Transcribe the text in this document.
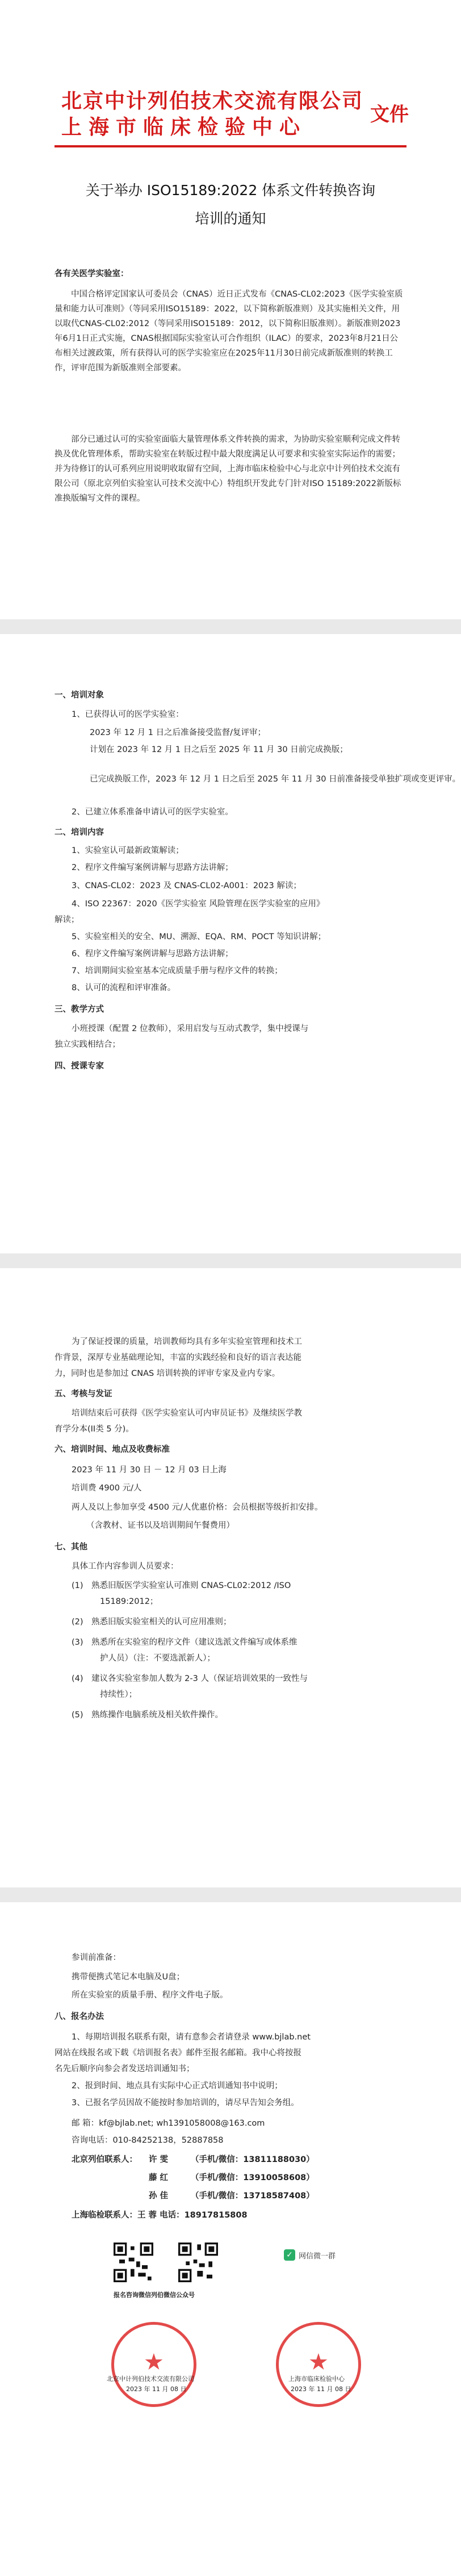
北京中计列伯技术交流有限公司
上海市临床检验中心
文件
关于举办 ISO15189:2022 体系文件转换咨询
培训的通知
各有关医学实验室：

中国合格评定国家认可委员会（CNAS）近日正式发布《CNAS-CL02:2023《医学实验室质量和能力认可准则》（等同采用ISO15189：2022，以下简称新版准则）及其实施相关文件，用以取代CNAS-CL02:2012（等同采用ISO15189：2012，以下简称旧版准则）。新版准则2023年6月1日正式实施，CNAS根据国际实验室认可合作组织（ILAC）的要求，2023年8月21日公布相关过渡政策，所有获得认可的医学实验室应在2025年11月30日前完成新版准则的转换工作，评审范围为新版准则全部要素。

部分已通过认可的实验室面临大量管理体系文件转换的需求，为协助实验室顺利完成文件转换及优化管理体系，帮助实验室在转版过程中最大限度满足认可要求和实验室实际运作的需要；并为待修订的认可系列应用说明收取留有空间，上海市临床检验中心与北京中计列伯技术交流有限公司（原北京列伯实验室认可技术交流中心）特组织开发此专门针对ISO 15189:2022新版标准换版编写文件的课程。

一、培训对象
1、已获得认可的医学实验室：
2023 年 12 月 1 日之后准备接受监督/复评审；
计划在 2023 年 12 月 1 日之后至 2025 年 11 月 30 日前完成换版；
已完成换版工作，2023 年 12 月 1 日之后至 2025 年 11 月 30 日前准备接受单独扩项或变更评审。
2、已建立体系准备申请认可的医学实验室。
二、培训内容
1、实验室认可最新政策解读；
2、程序文件编写案例讲解与思路方法讲解；
3、CNAS-CL02：2023 及 CNAS-CL02-A001：2023 解读；
4、ISO 22367：2020《医学实验室 风险管理在医学实验室的应用》
解读；
5、实验室相关的安全、MU、溯源、EQA、RM、POCT 等知识讲解；
6、程序文件编写案例讲解与思路方法讲解；
7、培训期间实验室基本完成质量手册与程序文件的转换；
8、认可的流程和评审准备。
三、教学方式
小班授课（配置 2 位教师），采用启发与互动式教学，集中授课与
独立实践相结合；
四、授课专家
为了保证授课的质量，培训教师均具有多年实验室管理和技术工
作背景，深厚专业基础理论知，丰富的实践经验和良好的语言表达能
力，同时也是参加过 CNAS 培训转换的评审专家及业内专家。
五、考核与发证
培训结束后可获得《医学实验室认可内审员证书》及继续医学教
育学分本(II类 5 分)。
六、培训时间、地点及收费标准
2023 年 11 月 30 日 － 12 月 03 日上海
培训费 4900 元/人
两人及以上参加享受 4500 元/人优惠价格：会员根据等级折扣安排。
（含教材、证书以及培训期间午餐费用）
七、其他
具体工作内容参训人员要求：
(1)　熟悉旧版医学实验室认可准则 CNAS-CL02:2012 /ISO
15189:2012；
(2)　熟悉旧版实验室相关的认可应用准则；
(3)　熟悉所在实验室的程序文件（建议选派文件编写或体系维
护人员）（注：不要选派新人）；
(4)　建议各实验室参加人数为 2-3 人（保证培训效果的一致性与
持续性）；
(5)　熟练操作电脑系统及相关软件操作。
参训前准备：
携带便携式笔记本电脑及U盘；
所在实验室的质量手册、程序文件电子版。
八、报名办法
1、每期培训报名联系有限，请有意参会者请登录 www.bjlab.net
网站在线报名或下载《培训报名表》邮件至报名邮箱。我中心将按报
名先后顺序向参会者发送培训通知书；
2、报到时间、地点具有实际中心正式培训通知书中说明；
3、已报名学员因故不能按时参加培训的，请尽早告知会务组。
邮 箱：kf@bjlab.net; wh1391058008@163.com
咨询电话：010-84252138，52887858
北京列伯联系人： 许 雯	（手机/微信：13811188030）
藤 红	（手机/微信：13910058608）
孙 佳	（手机/微信：13718587408）
上海临检联系人：王 蓉 电话：18917815808
报名咨询微信列伯微信公众号
✓ 网信微一群
★
北京中计列伯技术交流有限公司
2023 年 11 月 08 日
★
上海市临床检验中心
2023 年 11 月 08 日
